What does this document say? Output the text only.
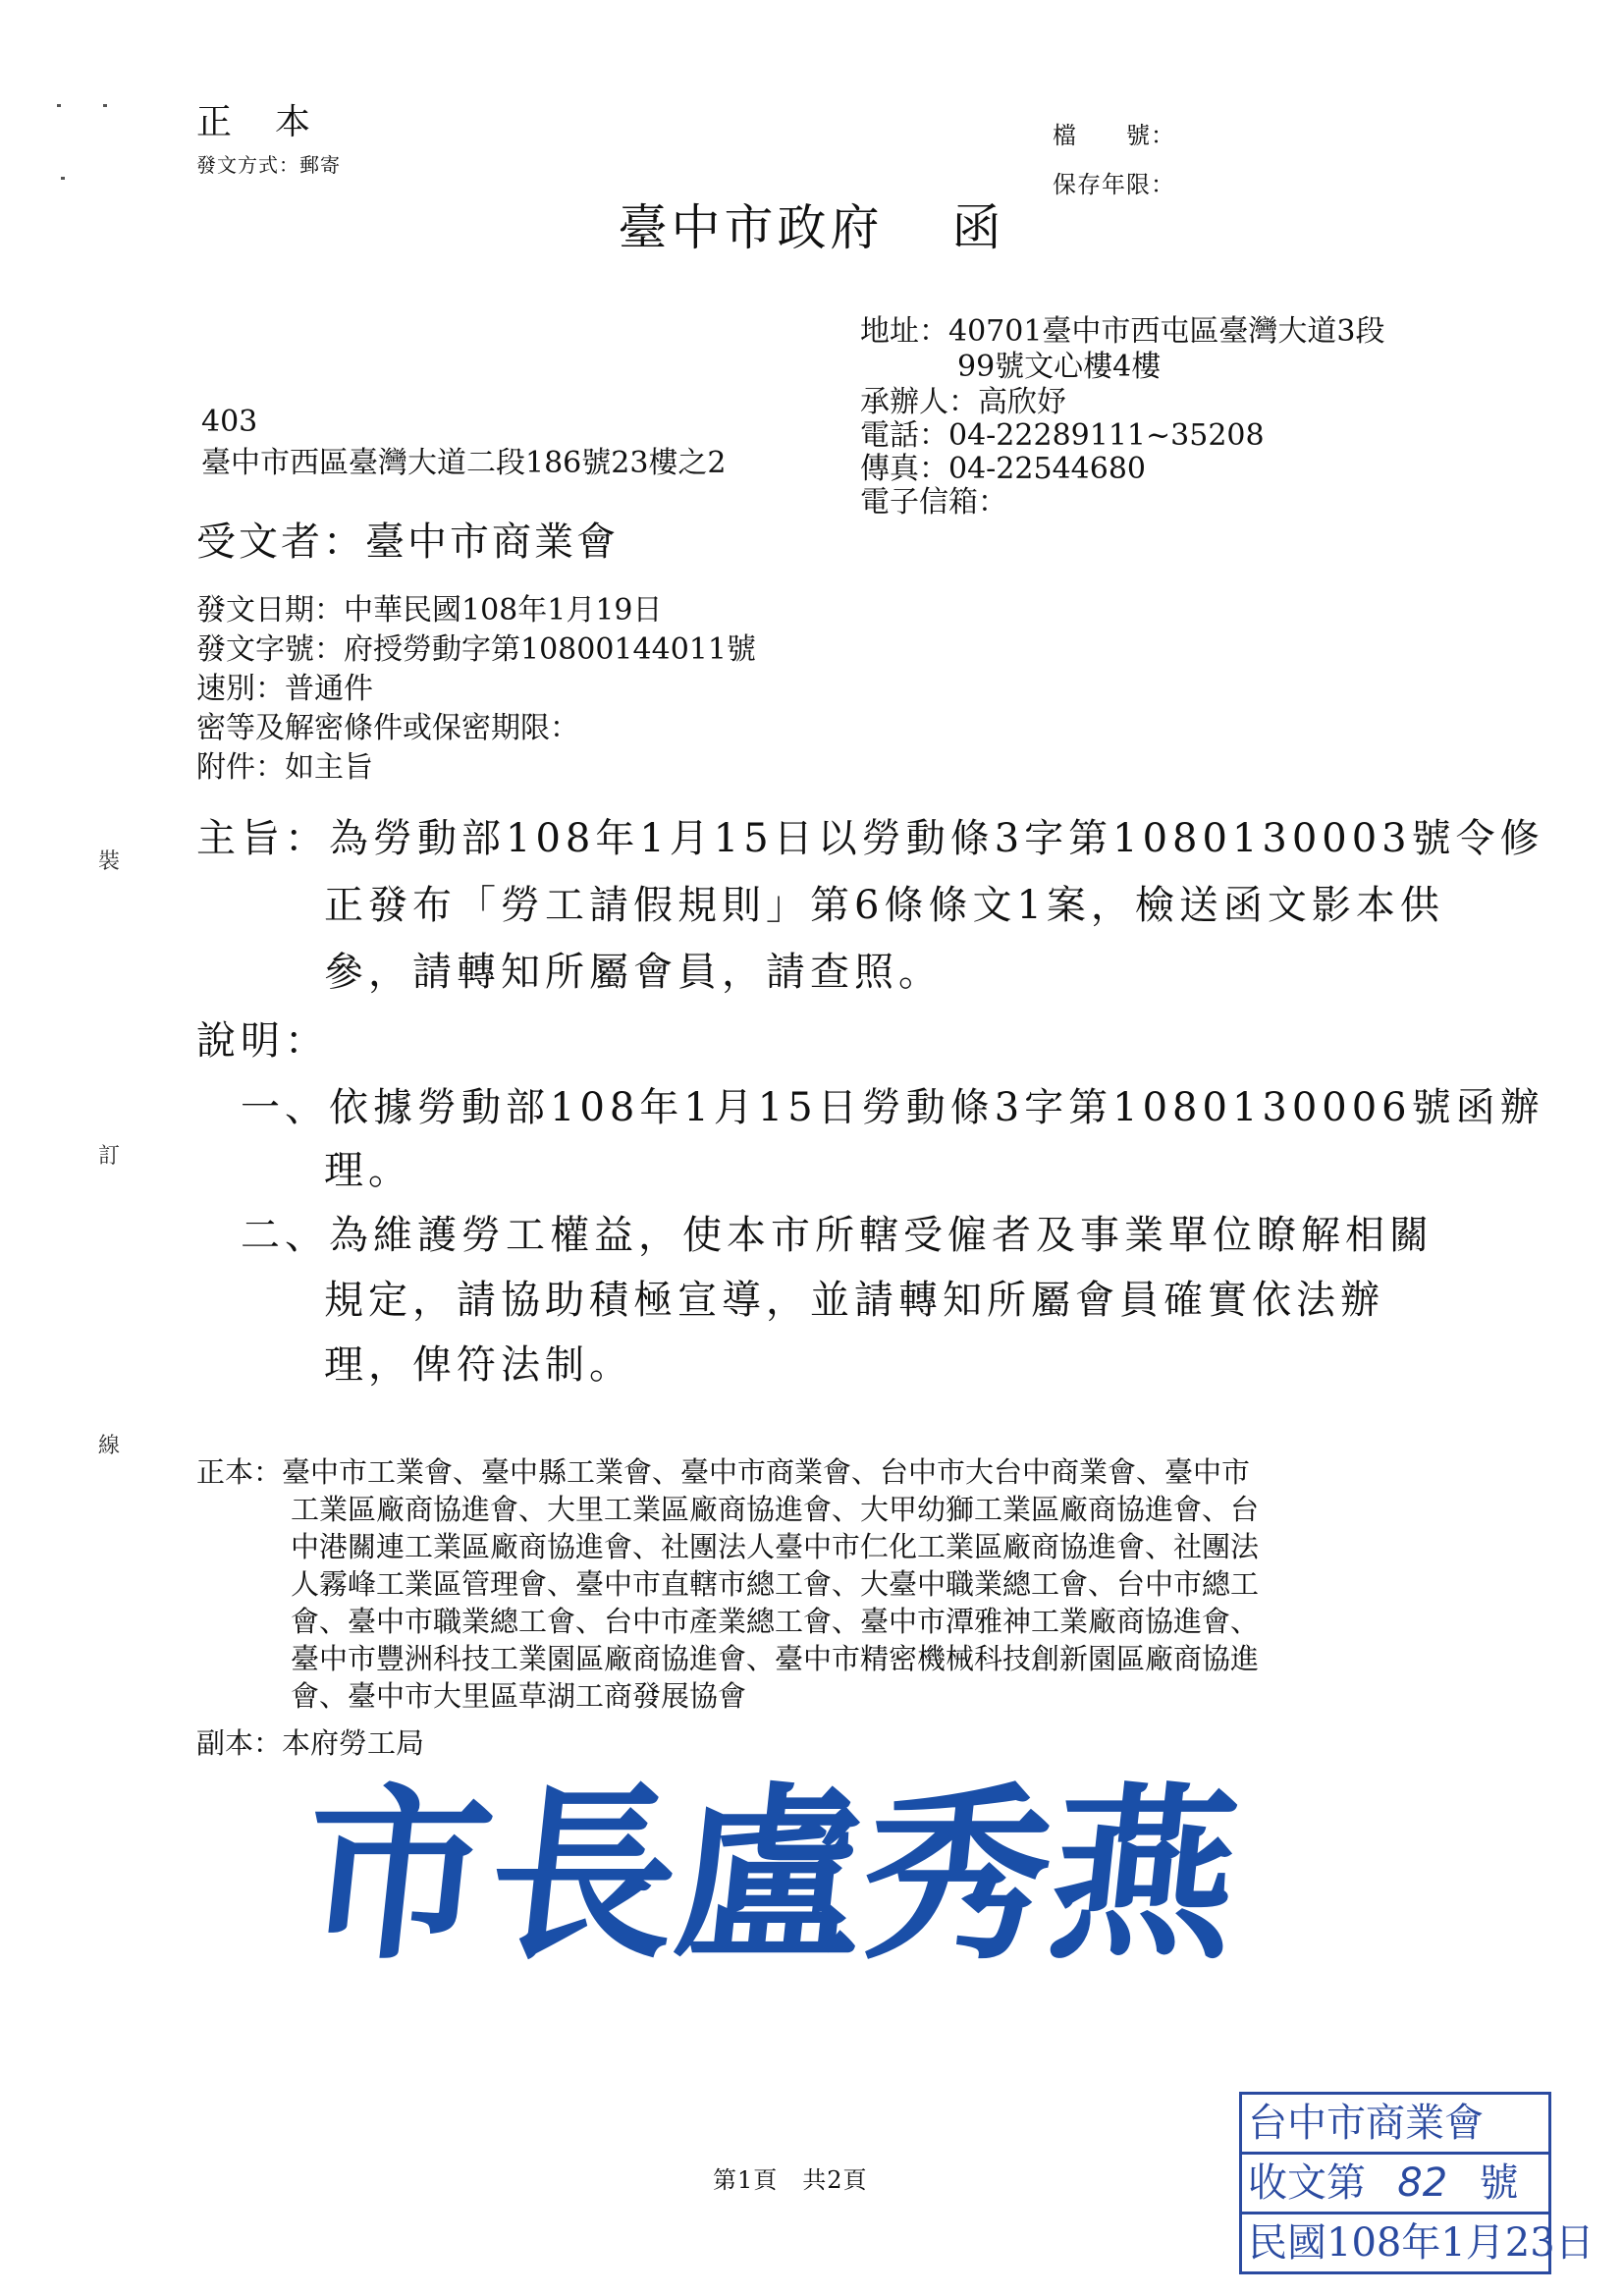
正　本
發文方式：郵寄
檔　　號：
保存年限：
臺中市政府 函
地址：40701臺中市西屯區臺灣大道3段
99號文心樓4樓
承辦人：高欣妤
電話：04-22289111~35208
傳真：04-22544680
電子信箱：
403
臺中市西區臺灣大道二段186號23樓之2
受文者：臺中市商業會
發文日期：中華民國108年1月19日
發文字號：府授勞動字第10800144011號
速別：普通件
密等及解密條件或保密期限：
附件：如主旨
主旨：為勞動部108年1月15日以勞動條3字第1080130003號令修
正發布「勞工請假規則」第6條條文1案，檢送函文影本供
參，請轉知所屬會員，請查照。
說明：
一、依據勞動部108年1月15日勞動條3字第1080130006號函辦
理。
二、為維護勞工權益，使本市所轄受僱者及事業單位瞭解相關
規定，請協助積極宣導，並請轉知所屬會員確實依法辦
理，俾符法制。
裝
訂
線
正本：臺中市工業會、臺中縣工業會、臺中市商業會、台中市大台中商業會、臺中市
工業區廠商協進會、大里工業區廠商協進會、大甲幼獅工業區廠商協進會、台
中港關連工業區廠商協進會、社團法人臺中市仁化工業區廠商協進會、社團法
人霧峰工業區管理會、臺中市直轄市總工會、大臺中職業總工會、台中市總工
會、臺中市職業總工會、台中市產業總工會、臺中市潭雅神工業廠商協進會、
臺中市豐洲科技工業園區廠商協進會、臺中市精密機械科技創新園區廠商協進
會、臺中市大里區草湖工商發展協會
副本：本府勞工局
市長盧秀燕
第1頁　共2頁
台中市商業會
收文第 82 號
民國108年1月23日
